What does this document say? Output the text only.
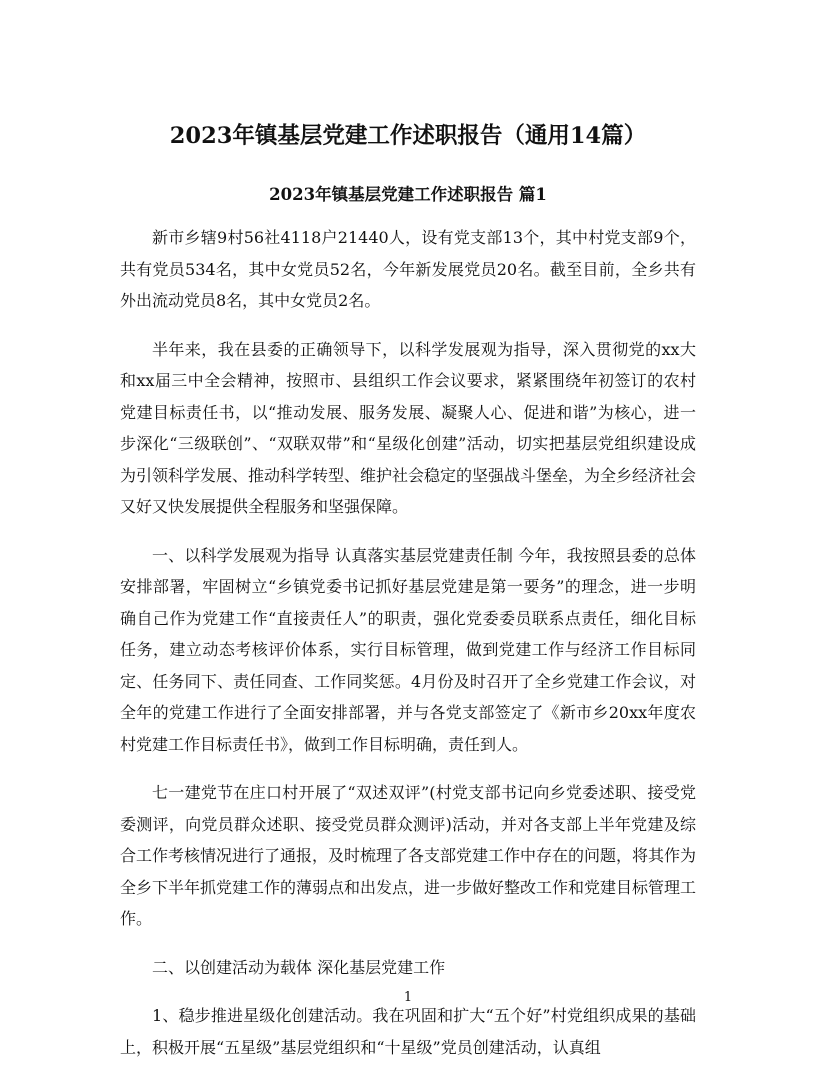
2023年镇基层党建工作述职报告（通用14篇）
2023年镇基层党建工作述职报告 篇1

新市乡辖9村56社4118户21440人，设有党支部13个，其中村党支部9个，共有党员534名，其中女党员52名，今年新发展党员20名。截至目前，全乡共有外出流动党员8名，其中女党员2名。

半年来，我在县委的正确领导下，以科学发展观为指导，深入贯彻党的xx大和xx届三中全会精神，按照市、县组织工作会议要求，紧紧围绕年初签订的农村党建目标责任书，以“推动发展、服务发展、凝聚人心、促进和谐”为核心，进一步深化“三级联创”、“双联双带”和“星级化创建”活动，切实把基层党组织建设成为引领科学发展、推动科学转型、维护社会稳定的坚强战斗堡垒，为全乡经济社会又好又快发展提供全程服务和坚强保障。

一、以科学发展观为指导 认真落实基层党建责任制 今年，我按照县委的总体安排部署，牢固树立“乡镇党委书记抓好基层党建是第一要务”的理念，进一步明确自己作为党建工作“直接责任人”的职责，强化党委委员联系点责任，细化目标任务，建立动态考核评价体系，实行目标管理，做到党建工作与经济工作目标同定、任务同下、责任同查、工作同奖惩。4月份及时召开了全乡党建工作会议，对全年的党建工作进行了全面安排部署，并与各党支部签定了《新市乡20xx年度农村党建工作目标责任书》，做到工作目标明确，责任到人。

七一建党节在庄口村开展了“双述双评”(村党支部书记向乡党委述职、接受党委测评，向党员群众述职、接受党员群众测评)活动，并对各支部上半年党建及综合工作考核情况进行了通报，及时梳理了各支部党建工作中存在的问题，将其作为全乡下半年抓党建工作的薄弱点和出发点，进一步做好整改工作和党建目标管理工作。

二、以创建活动为载体 深化基层党建工作

1、稳步推进星级化创建活动。我在巩固和扩大“五个好”村党组织成果的基础上，积极开展“五星级”基层党组织和“十星级”党员创建活动，认真组

1
